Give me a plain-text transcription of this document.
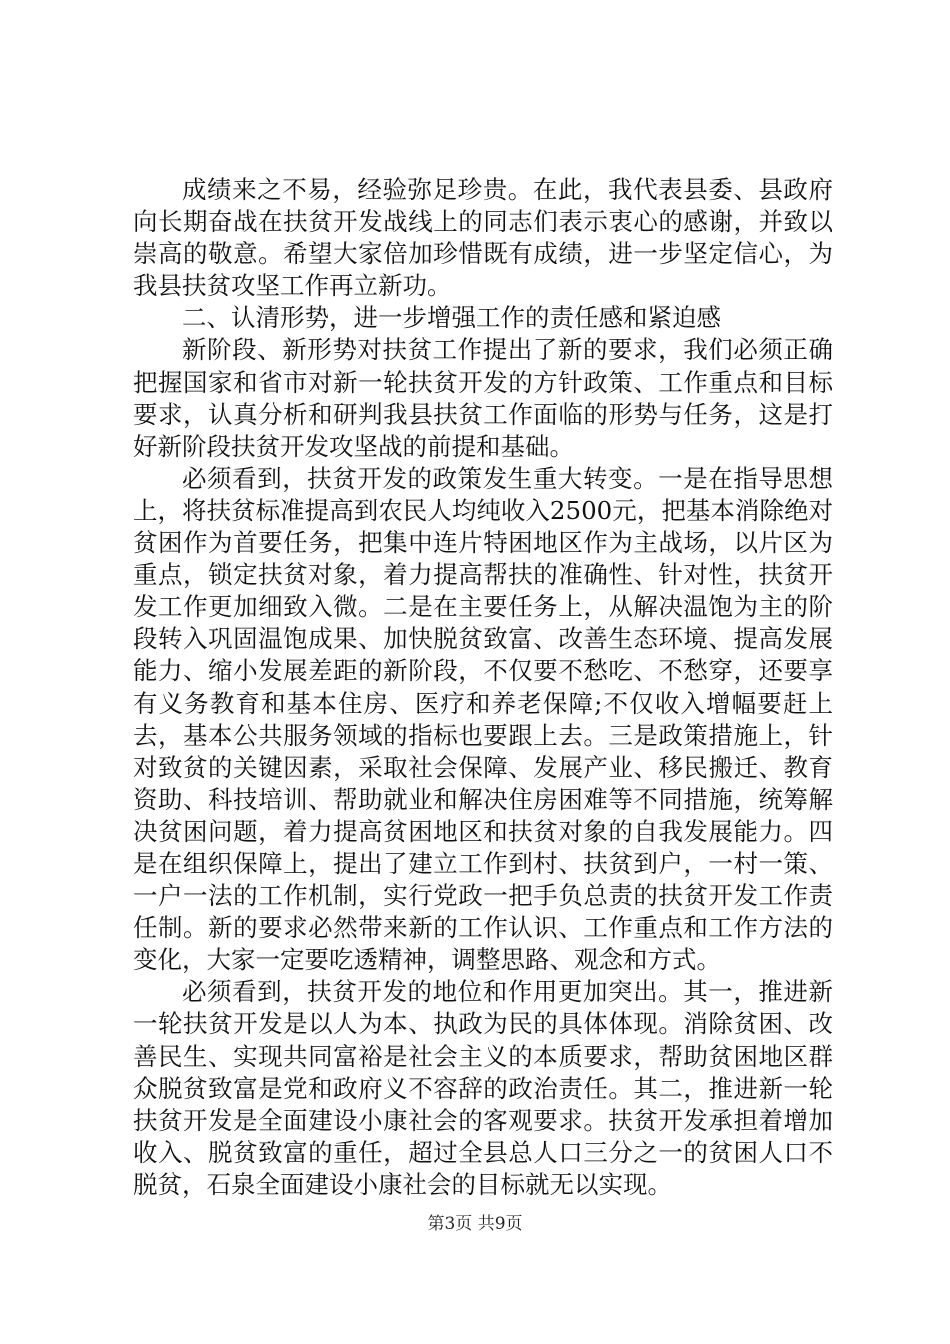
成绩来之不易，经验弥足珍贵。在此，我代表县委、县政府向长期奋战在扶贫开发战线上的同志们表示衷心的感谢，并致以崇高的敬意。希望大家倍加珍惜既有成绩，进一步坚定信心，为我县扶贫攻坚工作再立新功。

二、认清形势，进一步增强工作的责任感和紧迫感

新阶段、新形势对扶贫工作提出了新的要求，我们必须正确把握国家和省市对新一轮扶贫开发的方针政策、工作重点和目标要求，认真分析和研判我县扶贫工作面临的形势与任务，这是打好新阶段扶贫开发攻坚战的前提和基础。

必须看到，扶贫开发的政策发生重大转变。一是在指导思想上，将扶贫标准提高到农民人均纯收入2500元，把基本消除绝对贫困作为首要任务，把集中连片特困地区作为主战场，以片区为重点，锁定扶贫对象，着力提高帮扶的准确性、针对性，扶贫开发工作更加细致入微。二是在主要任务上，从解决温饱为主的阶段转入巩固温饱成果、加快脱贫致富、改善生态环境、提高发展能力、缩小发展差距的新阶段，不仅要不愁吃、不愁穿，还要享有义务教育和基本住房、医疗和养老保障;不仅收入增幅要赶上去，基本公共服务领域的指标也要跟上去。三是政策措施上，针对致贫的关键因素，采取社会保障、发展产业、移民搬迁、教育资助、科技培训、帮助就业和解决住房困难等不同措施，统筹解决贫困问题，着力提高贫困地区和扶贫对象的自我发展能力。四是在组织保障上，提出了建立工作到村、扶贫到户，一村一策、一户一法的工作机制，实行党政一把手负总责的扶贫开发工作责任制。新的要求必然带来新的工作认识、工作重点和工作方法的变化，大家一定要吃透精神，调整思路、观念和方式。

必须看到，扶贫开发的地位和作用更加突出。其一，推进新一轮扶贫开发是以人为本、执政为民的具体体现。消除贫困、改善民生、实现共同富裕是社会主义的本质要求，帮助贫困地区群众脱贫致富是党和政府义不容辞的政治责任。其二，推进新一轮扶贫开发是全面建设小康社会的客观要求。扶贫开发承担着增加收入、脱贫致富的重任，超过全县总人口三分之一的贫困人口不脱贫，石泉全面建设小康社会的目标就无以实现。

第3页 共9页
